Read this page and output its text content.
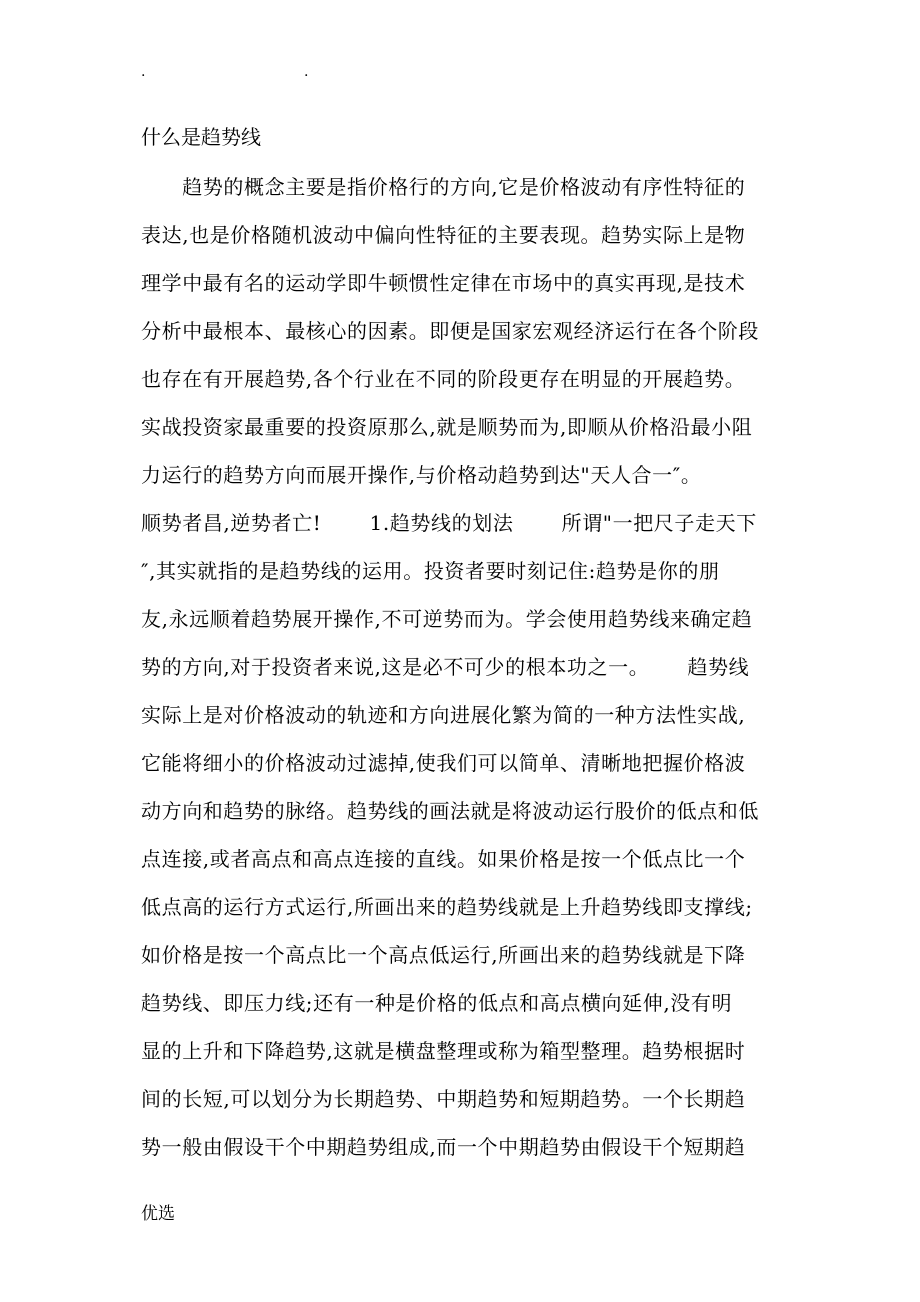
.	.
什么是趋势线
　　趋势的概念主要是指价格行的方向,它是价格波动有序性特征的
表达,也是价格随机波动中偏向性特征的主要表现。趋势实际上是物
理学中最有名的运动学即牛顿惯性定律在市场中的真实再现,是技术
分析中最根本、最核心的因素。即便是国家宏观经济运行在各个阶段
也存在有开展趋势,各个行业在不同的阶段更存在明显的开展趋势。
实战投资家最重要的投资原那么,就是顺势而为,即顺从价格沿最小阻
力运行的趋势方向而展开操作,与价格动趋势到达"天人合一″。
顺势者昌,逆势者亡!　　 1.趋势线的划法　　 所谓"一把尺子走天下
″,其实就指的是趋势线的运用。投资者要时刻记住:趋势是你的朋
友,永远顺着趋势展开操作,不可逆势而为。学会使用趋势线来确定趋
势的方向,对于投资者来说,这是必不可少的根本功之一。　　 趋势线
实际上是对价格波动的轨迹和方向进展化繁为简的一种方法性实战,
它能将细小的价格波动过滤掉,使我们可以简单、清晰地把握价格波
动方向和趋势的脉络。趋势线的画法就是将波动运行股价的低点和低
点连接,或者高点和高点连接的直线。如果价格是按一个低点比一个
低点高的运行方式运行,所画出来的趋势线就是上升趋势线即支撑线;
如价格是按一个高点比一个高点低运行,所画出来的趋势线就是下降
趋势线、即压力线;还有一种是价格的低点和高点横向延伸,没有明
显的上升和下降趋势,这就是横盘整理或称为箱型整理。趋势根据时
间的长短,可以划分为长期趋势、中期趋势和短期趋势。一个长期趋
势一般由假设干个中期趋势组成,而一个中期趋势由假设干个短期趋
优选
